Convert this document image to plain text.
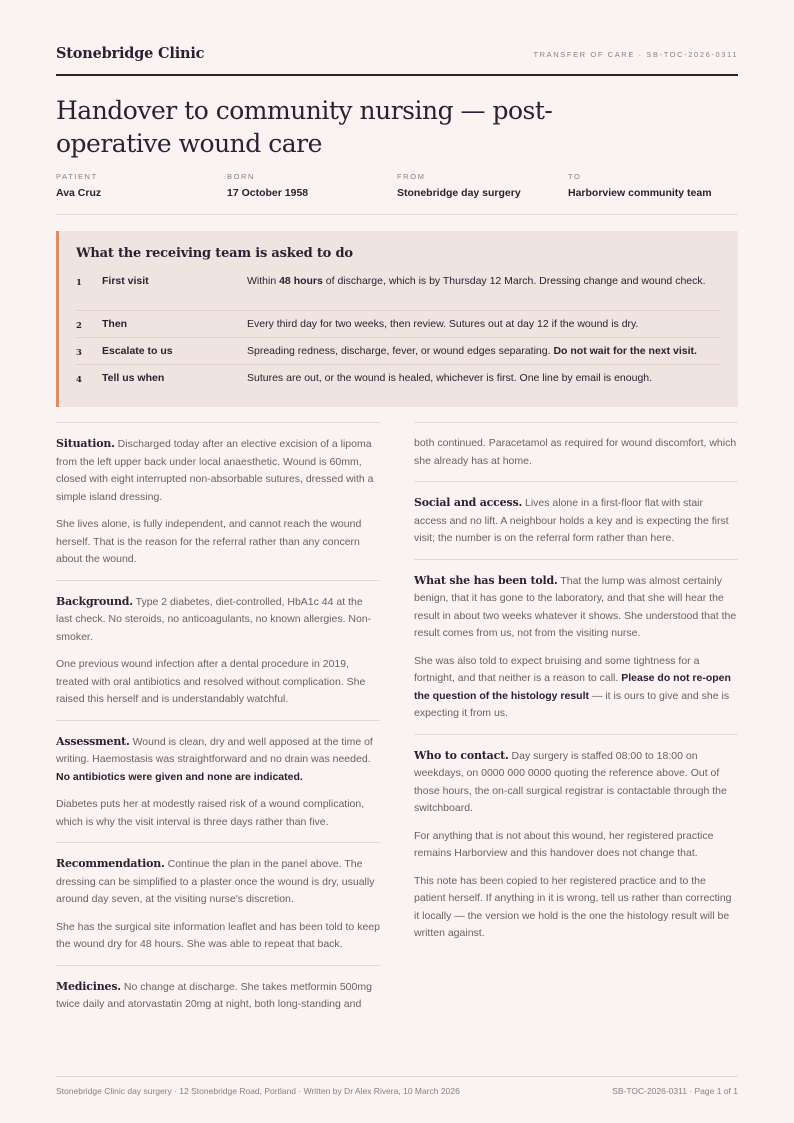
Stonebridge Clinic	TRANSFER OF CARE · SB-TOC-2026-0311
Handover to community nursing — post-operative wound care
PATIENT
Ava Cruz
BORN
17 October 1958
FROM
Stonebridge day surgery
TO
Harborview community team
What the receiving team is asked to do
1 First visit	Within 48 hours of discharge, which is by Thursday 12 March. Dressing change and wound check.
2 Then	Every third day for two weeks, then review. Sutures out at day 12 if the wound is dry.
3 Escalate to us	Spreading redness, discharge, fever, or wound edges separating. Do not wait for the next visit.
4 Tell us when	Sutures are out, or the wound is healed, whichever is first. One line by email is enough.

Situation. Discharged today after an elective excision of a lipoma from the left upper back under local anaesthetic. Wound is 60mm, closed with eight interrupted non-absorbable sutures, dressed with a simple island dressing.

She lives alone, is fully independent, and cannot reach the wound herself. That is the reason for the referral rather than any concern about the wound.

Background. Type 2 diabetes, diet-controlled, HbA1c 44 at the last check. No steroids, no anticoagulants, no known allergies. Non-smoker.

One previous wound infection after a dental procedure in 2019, treated with oral antibiotics and resolved without complication. She raised this herself and is understandably watchful.

Assessment. Wound is clean, dry and well apposed at the time of writing. Haemostasis was straightforward and no drain was needed. No antibiotics were given and none are indicated.

Diabetes puts her at modestly raised risk of a wound complication, which is why the visit interval is three days rather than five.

Recommendation. Continue the plan in the panel above. The dressing can be simplified to a plaster once the wound is dry, usually around day seven, at the visiting nurse's discretion.

She has the surgical site information leaflet and has been told to keep the wound dry for 48 hours. She was able to repeat that back.

Medicines. No change at discharge. She takes metformin 500mg twice daily and atorvastatin 20mg at night, both long-standing and

both continued. Paracetamol as required for wound discomfort, which she already has at home.

Social and access. Lives alone in a first-floor flat with stair access and no lift. A neighbour holds a key and is expecting the first visit; the number is on the referral form rather than here.

What she has been told. That the lump was almost certainly benign, that it has gone to the laboratory, and that she will hear the result in about two weeks whatever it shows. She understood that the result comes from us, not from the visiting nurse.

She was also told to expect bruising and some tightness for a fortnight, and that neither is a reason to call. Please do not re-open the question of the histology result — it is ours to give and she is expecting it from us.

Who to contact. Day surgery is staffed 08:00 to 18:00 on weekdays, on 0000 000 0000 quoting the reference above. Out of those hours, the on-call surgical registrar is contactable through the switchboard.

For anything that is not about this wound, her registered practice remains Harborview and this handover does not change that.

This note has been copied to her registered practice and to the patient herself. If anything in it is wrong, tell us rather than correcting it locally — the version we hold is the one the histology result will be written against.

Stonebridge Clinic day surgery · 12 Stonebridge Road, Portland · Written by Dr Alex Rivera, 10 March 2026	SB-TOC-2026-0311 · Page 1 of 1
